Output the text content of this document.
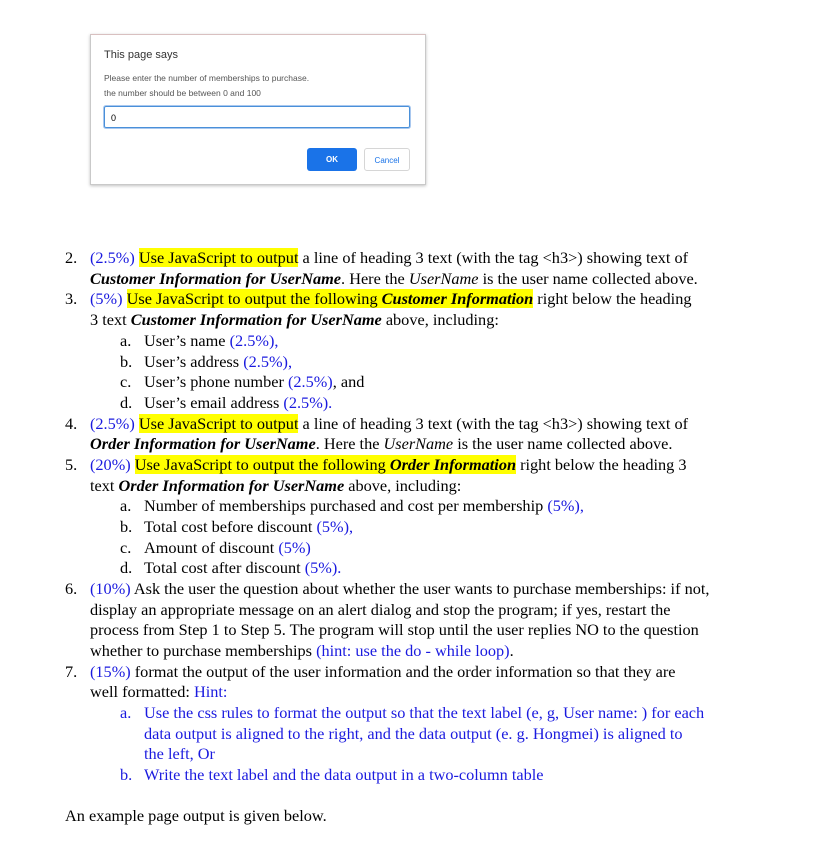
This page says
Please enter the number of memberships to purchase.
the number should be between 0 and 100
0
OK	Cancel
2. (2.5%) Use JavaScript to output a line of heading 3 text (with the tag <h3>) showing text of
Customer Information for UserName. Here the UserName is the user name collected above.
3. (5%) Use JavaScript to output the following Customer Information right below the heading
3 text Customer Information for UserName above, including:
a. User’s name (2.5%),
b. User’s address (2.5%),
c. User’s phone number (2.5%), and
d. User’s email address (2.5%).
4. (2.5%) Use JavaScript to output a line of heading 3 text (with the tag <h3>) showing text of
Order Information for UserName. Here the UserName is the user name collected above.
5. (20%) Use JavaScript to output the following Order Information right below the heading 3
text Order Information for UserName above, including:
a. Number of memberships purchased and cost per membership (5%),
b. Total cost before discount (5%),
c. Amount of discount (5%)
d. Total cost after discount (5%).
6. (10%) Ask the user the question about whether the user wants to purchase memberships: if not,
display an appropriate message on an alert dialog and stop the program; if yes, restart the
process from Step 1 to Step 5. The program will stop until the user replies NO to the question
whether to purchase memberships (hint: use the do - while loop).
7. (15%) format the output of the user information and the order information so that they are
well formatted: Hint:
a. Use the css rules to format the output so that the text label (e, g, User name: ) for each
data output is aligned to the right, and the data output (e. g. Hongmei) is aligned to
the left, Or
b. Write the text label and the data output in a two-column table
An example page output is given below.
